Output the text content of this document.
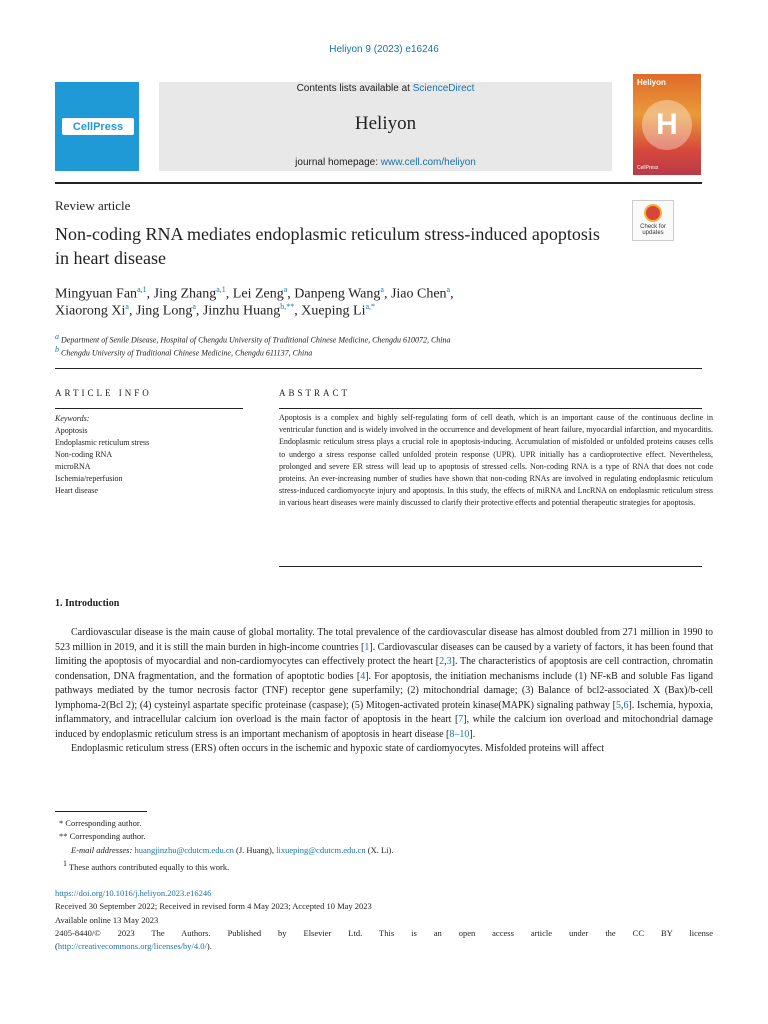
Heliyon 9 (2023) e16246
CellPress
Contents lists available at ScienceDirect
Heliyon
journal homepage: www.cell.com/heliyon
Heliyon
H
CellPress
Review article
Non-coding RNA mediates endoplasmic reticulum stress-induced apoptosis in heart disease
Check for
updates
Mingyuan Fan$^{a,1}$, Jing Zhang$^{a,1}$, Lei Zeng$^a$, Danpeng Wang$^a$, Jiao Chen$^a$,
Xiaorong Xi$^a$, Jing Long$^a$, Jinzhu Huang$^{b,**}$, Xueping $Li^{a,*}$
$^a$ Department of Senile Disease, Hospital of Chengdu University of Traditional Chinese Medicine, Chengdu 610072, China
$^b$ Chengdu University of Traditional Chinese Medicine, Chengdu 611137, China
ARTICLE INFO	ABSTRACT
Keywords:
Apoptosis
Endoplasmic reticulum stress
Non-coding RNA
microRNA
Ischemia/reperfusion
Heart disease
Apoptosis is a complex and highly self-regulating form of cell death, which is an important cause of the continuous decline in ventricular function and is widely involved in the occurrence and development of heart failure, myocardial infarction, and myocarditis. Endoplasmic reticulum stress plays a crucial role in apoptosis-inducing. Accumulation of misfolded or unfolded proteins causes cells to undergo a stress response called unfolded protein response (UPR). UPR initially has a cardioprotective effect. Nevertheless, prolonged and severe ER stress will lead up to apoptosis of stressed cells. Non-coding RNA is a type of RNA that does not code proteins. An ever-increasing number of studies have shown that non-coding RNAs are involved in regulating endoplasmic reticulum stress-induced cardiomyocyte injury and apoptosis. In this study, the effects of miRNA and LncRNA on endoplasmic reticulum stress in various heart diseases were mainly discussed to clarify their protective effects and potential therapeutic strategies for apoptosis.
1. Introduction

Cardiovascular disease is the main cause of global mortality. The total prevalence of the cardiovascular disease has almost doubled from 271 million in 1990 to 523 million in 2019, and it is still the main burden in high-income countries [1]. Cardiovascular diseases can be caused by a variety of factors, it has been found that limiting the apoptosis of myocardial and non-cardiomyocytes can effectively protect the heart [2,3]. The characteristics of apoptosis are cell contraction, chromatin condensation, DNA fragmentation, and the formation of apoptotic bodies [4]. For apoptosis, the initiation mechanisms include (1) NF-κB and soluble Fas ligand pathways mediated by the tumor necrosis factor (TNF) receptor gene superfamily; (2) mitochondrial damage; (3) Balance of bcl2-associated X (Bax)/b-cell lymphoma-2(Bcl 2); (4) cysteinyl aspartate specific proteinase (caspase); (5) Mitogen-activated protein kinase(MAPK) signaling pathway [5,6]. Ischemia, hypoxia, inflammatory, and intracellular calcium ion overload is the main factor of apoptosis in the heart [7], while the calcium ion overload and mitochondrial damage induced by endoplasmic reticulum stress is an important mechanism of apoptosis in heart disease [8–10].

Endoplasmic reticulum stress (ERS) often occurs in the ischemic and hypoxic state of cardiomyocytes. Misfolded proteins will affect

* Corresponding author.
** Corresponding author.
E-mail addresses: huangjinzhu@cdutcm.edu.cn (J. Huang), lixueping@cdutcm.edu.cn (X. Li).
$^1$ These authors contributed equally to this work.
https://doi.org/10.1016/j.heliyon.2023.e16246
Received 30 September 2022; Received in revised form 4 May 2023; Accepted 10 May 2023
Available online 13 May 2023
2405-8440/© 2023 The Authors. Published by Elsevier Ltd. This is an open access article under the CC BY license
(http://creativecommons.org/licenses/by/4.0/).
